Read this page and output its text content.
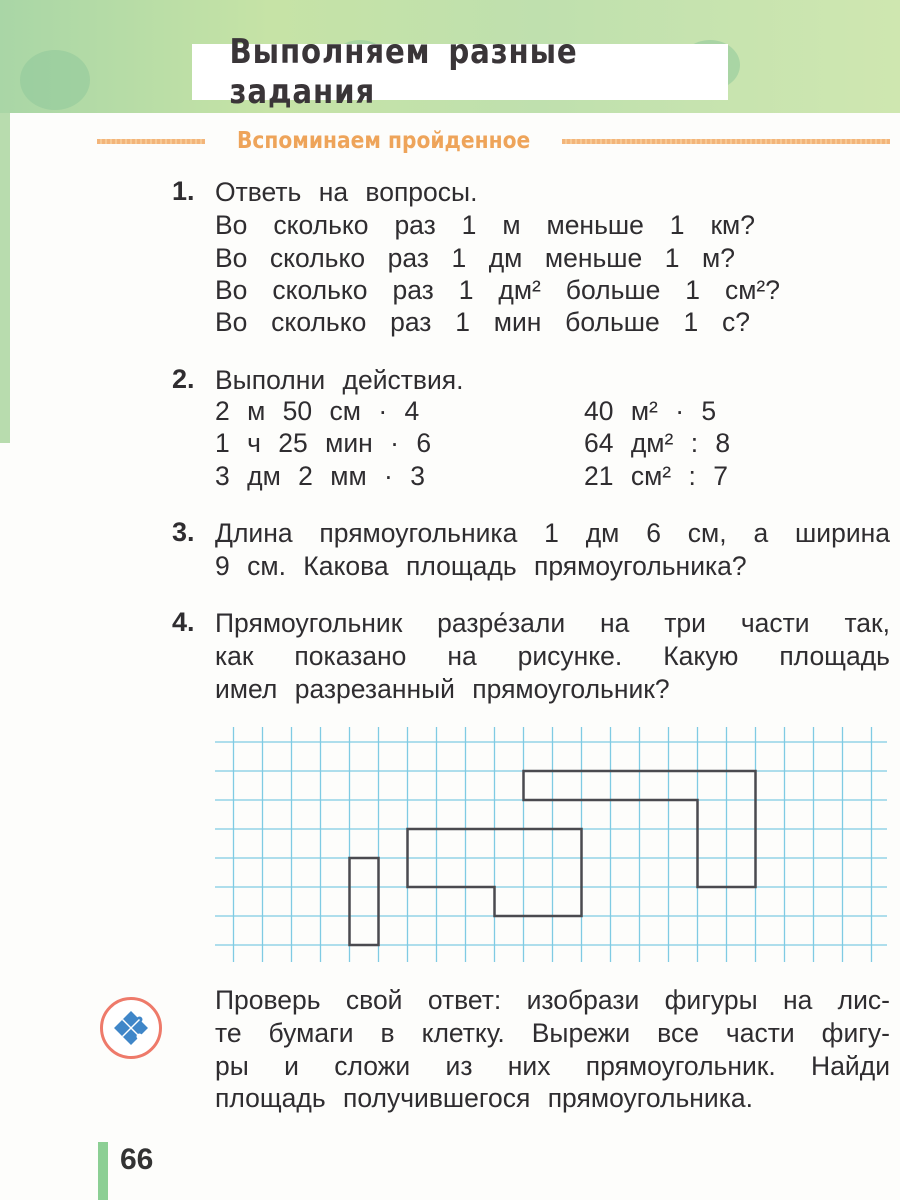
Выполняем разные задания
Вспоминаем пройденное
1. Ответь на вопросы.
Во сколько раз 1 м меньше 1 км?
Во сколько раз 1 дм меньше 1 м?
Во сколько раз 1 дм² больше 1 см²?
Во сколько раз 1 мин больше 1 с?
2. Выполни действия.
2 м 50 см · 4
1 ч 25 мин · 6
3 дм 2 мм · 3
40 м² · 5
64 дм² : 8
21 см² : 7
3. Длина прямоугольника 1 дм 6 см, а ширина
9 см. Какова площадь прямоугольника?
4. Прямоугольник разре́зали на три части так,
как показано на рисунке. Какую площадь
имел разрезанный прямоугольник?
Проверь свой ответ: изобрази фигуры на лис-
те бумаги в клетку. Вырежи все части фигу-
ры и сложи из них прямоугольник. Найди
площадь получившегося прямоугольника.
66
